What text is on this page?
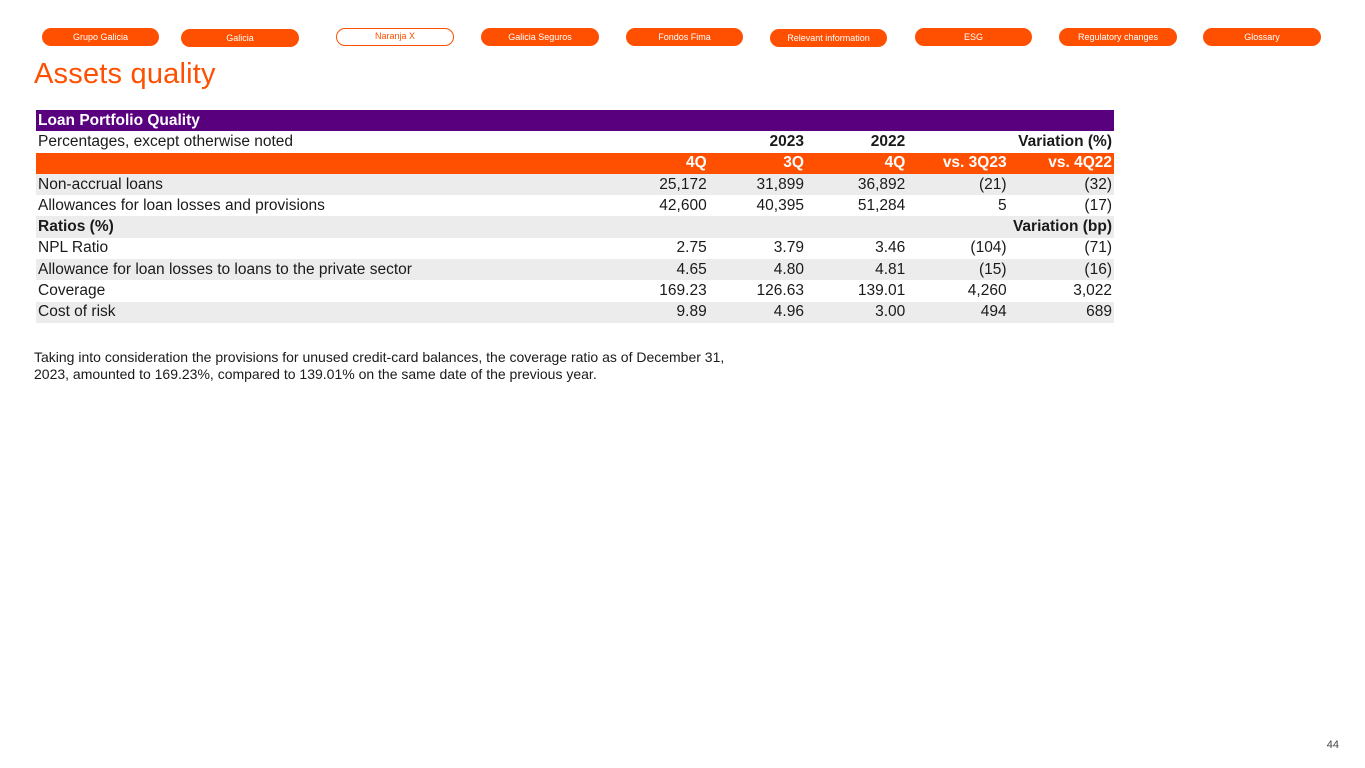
Grupo Galicia	Galicia	Naranja X	Galicia Seguros	Fondos Fima	Relevant information	ESG	Regulatory changes	Glossary
Assets quality
Loan Portfolio Quality					
Percentages, except otherwise noted		2023	2022	Variation (%)	
	4Q	3Q	4Q	vs. 3Q23	vs. 4Q22
Non-accrual loans	25,172	31,899	36,892	(21)	(32)
Allowances for loan losses and provisions	42,600	40,395	51,284	5	(17)
Ratios (%)				Variation (bp)	
NPL Ratio	2.75	3.79	3.46	(104)	(71)
Allowance for loan losses to loans to the private sector	4.65	4.80	4.81	(15)	(16)
Coverage	169.23	126.63	139.01	4,260	3,022
Cost of risk	9.89	4.96	3.00	494	689

Taking into consideration the provisions for unused credit-card balances, the coverage ratio as of December 31, 2023, amounted to 169.23%, compared to 139.01% on the same date of the previous year.

44
